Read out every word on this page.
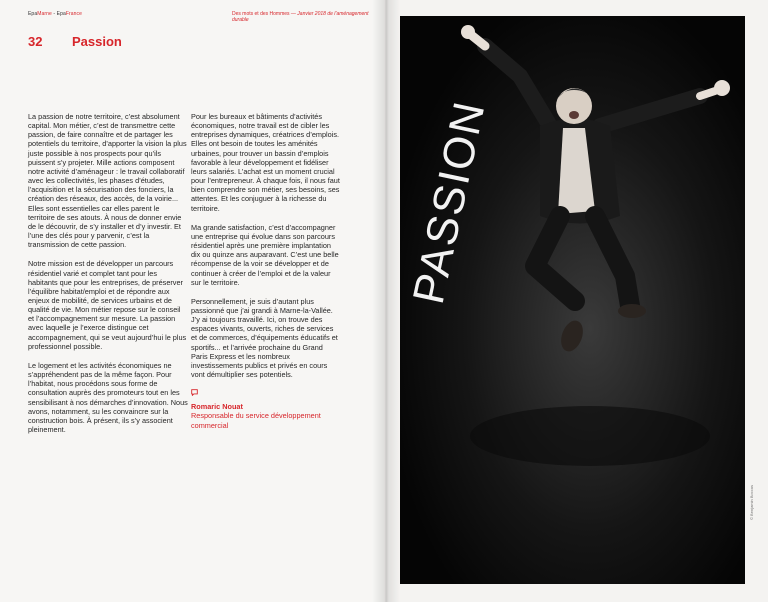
EpaMarne - EpaFrance	Des mots et des Hommes — Janvier 2018 de l’aménagement durable
32 Passion

La passion de notre territoire, c’est absolument capital. Mon métier, c’est de transmettre cette passion, de faire connaître et de partager les potentiels du territoire, d’apporter la vision la plus juste possible à nos prospects pour qu’ils puissent s’y projeter. Mille actions composent notre activité d’aménageur : le travail collaboratif avec les collectivités, les phases d’études, l’acquisition et la sécurisation des fonciers, la création des réseaux, des accès, de la voirie... Elles sont essentielles car elles parent le territoire de ses atouts. À nous de donner envie de le découvrir, de s’y installer et d’y investir. Et l’une des clés pour y parvenir, c’est la transmission de cette passion.

Notre mission est de développer un parcours résidentiel varié et complet tant pour les habitants que pour les entreprises, de préserver l’équilibre habitat/emploi et de répondre aux enjeux de mobilité, de services urbains et de qualité de vie. Mon métier repose sur le conseil et l’accompagnement sur mesure. La passion avec laquelle je l’exerce distingue cet accompagnement, qui se veut aujourd’hui le plus professionnel possible.

Le logement et les activités économiques ne s’appréhendent pas de la même façon. Pour l’habitat, nous procédons sous forme de consultation auprès des promoteurs tout en les sensibilisant à nos démarches d’innovation. Nous avons, notamment, su les convaincre sur la construction bois. À présent, ils s’y associent pleinement.

Pour les bureaux et bâtiments d’activités économiques, notre travail est de cibler les entreprises dynamiques, créatrices d’emplois. Elles ont besoin de toutes les aménités urbaines, pour trouver un bassin d’emplois favorable à leur développement et fidéliser leurs salariés. L’achat est un moment crucial pour l’entrepreneur. À chaque fois, il nous faut bien comprendre son métier, ses besoins, ses attentes. Et les conjuguer à la richesse du territoire.

Ma grande satisfaction, c’est d’accompagner une entreprise qui évolue dans son parcours résidentiel après une première implantation dix ou quinze ans auparavant. C’est une belle récompense de la voir se développer et de continuer à créer de l’emploi et de la valeur sur le territoire.

Personnellement, je suis d’autant plus passionné que j’ai grandi à Marne-la-Vallée. J’y ai toujours travaillé. Ici, on trouve des espaces vivants, ouverts, riches de services et de commerces, d’équipements éducatifs et sportifs... et l’arrivée prochaine du Grand Paris Express et les nombreux investissements publics et privés en cours vont démultiplier ses potentiels.

Romaric Nouat
Responsable du service développement commercial
PASSION
© Benjamin Boccas
